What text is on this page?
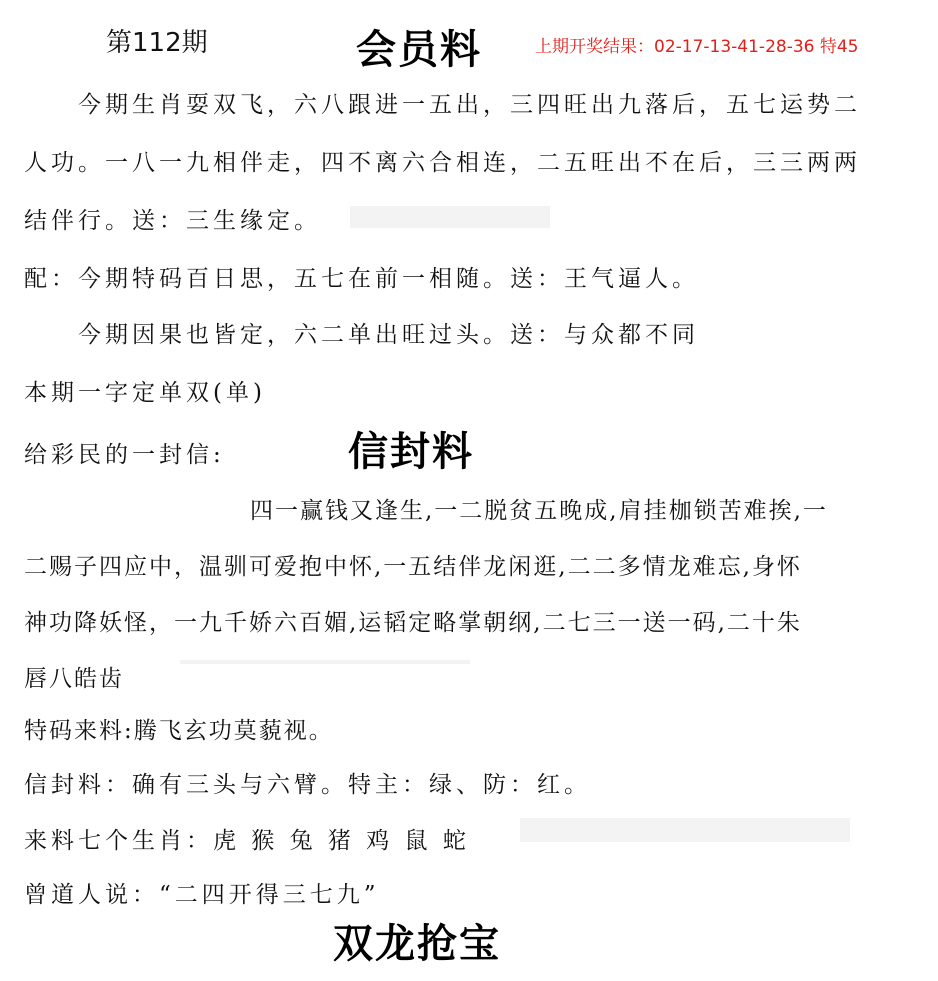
第112期	会员料	上期开奖结果：02-17-13-41-28-36 特45
今期生肖耍双飞，六八跟进一五出，三四旺出九落后，五七运势二
人功。一八一九相伴走，四不离六合相连，二五旺出不在后，三三两两
结伴行。送：三生缘定。
配：今期特码百日思，五七在前一相随。送：王气逼人。
今期因果也皆定，六二单出旺过头。送：与众都不同
本期一字定单双(单)
给彩民的一封信:	信封料
四一赢钱又逢生,一二脱贫五晚成,肩挂枷锁苦难挨,一
二赐子四应中，温驯可爱抱中怀,一五结伴龙闲逛,二二多情龙难忘,身怀
神功降妖怪，一九千娇六百媚,运韬定略掌朝纲,二七三一送一码,二十朱
唇八皓齿
特码来料:腾飞玄功莫藐视。
信封料：确有三头与六臂。特主：绿、防：红。
来料七个生肖：虎 猴 兔 猪 鸡 鼠 蛇
曾道人说：“二四开得三七九”
双龙抢宝
